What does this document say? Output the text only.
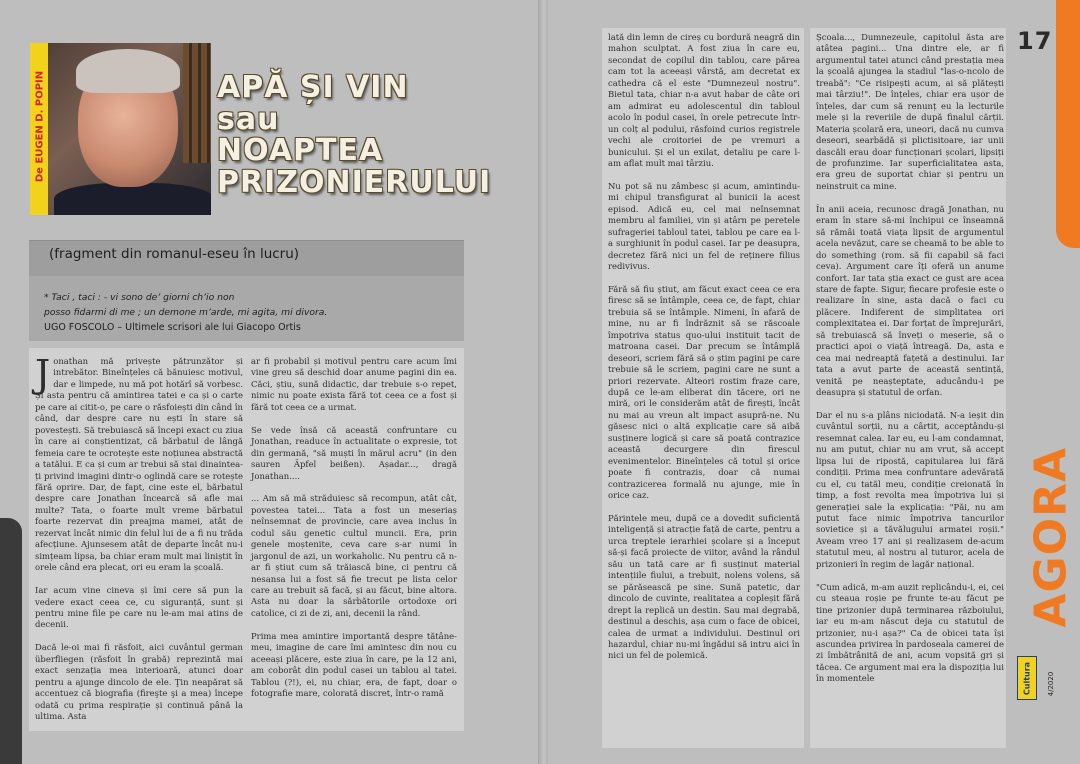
De EUGEN D. POPIN	APĂ ȘI VIN
sau
NOAPTEA
PRIZONIERULUI
(fragment din romanul-eseu în lucru)
* Taci , taci : - vi sono de’ giorni ch’io non
posso fidarmi di me ; un demone m’arde, mi agita, mi divora.
UGO FOSCOLO – Ultimele scrisori ale lui Giacopo Ortis
J onathan mă privește pătrunzător și intrebător. Bineînțeles că bănuiesc motivul, dar e limpede, nu mă pot hotărî să vorbesc. Și asta pentru că amintirea tatei e ca și o carte pe care ai citit-o, pe care o răsfoiești din când în când, dar despre care nu ești în stare să povestești. Să trebuiască să începi exact cu ziua în care ai conștientizat, că bărbatul de lângă femeia care te ocrotește este noțiunea abstractă a tatălui. E ca și cum ar trebui să stai dinaintea-ți privind imagini dintr-o oglindă care se rotește fără oprire. Dar, de fapt, cine este el, bărbatul despre care Jonathan încearcă să afle mai multe? Tata, o foarte mult vreme bărbatul foarte rezervat din preajma mamei, atât de rezervat încât nimic din felul lui de a fi nu trăda afecțiune. Ajunsesem atât de departe încât nu-i simțeam lipsa, ba chiar eram mult mai liniștit în orele când era plecat, ori eu eram la școală.

Iar acum vine cineva și îmi cere să pun la vedere exact ceea ce, cu siguranță, sunt și pentru mine file pe care nu le-am mai atins de decenii.

Dacă le-oi mai fi răsfoit, aici cuvântul german überfliegen (răsfoit în grabă) reprezintă mai exact senzația mea interioară, atunci doar pentru a ajunge dincolo de ele. Ţin neapărat să accentuez că biografia (fireşte şi a mea) începe odată cu prima respirație și continuă până la ultima. Asta

ar fi probabil și motivul pentru care acum îmi vine greu să deschid doar anume pagini din ea. Căci, știu, sună didactic, dar trebuie s-o repet, nimic nu poate exista fără tot ceea ce a fost și fără tot ceea ce a urmat.

Se vede însă că această confruntare cu Jonathan, readuce în actualitate o expresie, tot din germană, "să muști în mărul acru" (in den sauren Äpfel beißen). Așadar..., dragă Jonathan....

... Am să mă străduiesc să recompun, atât cât, povestea tatei... Tata a fost un meseriaș neînsemnat de provincie, care avea inclus în codul său genetic cultul muncii. Era, prin genele moștenite, ceva care s-ar numi în jargonul de azi, un workaholic. Nu pentru că n-ar fi știut cum să trăiască bine, ci pentru că nesansa lui a fost să fie trecut pe lista celor care au trebuit să facă, și au făcut, bine altora. Asta nu doar la sărbătorile ortodoxe ori catolice, ci zi de zi, ani, decenii la rând.

Prima mea amintire importantă despre tătâne-meu, imagine de care îmi amintesc din nou cu aceeași plăcere, este ziua în care, pe la 12 ani, am coborât din podul casei un tablou al tatei. Tablou (?!), ei, nu chiar, era, de fapt, doar o fotografie mare, colorată discret, într-o ramă

lată din lemn de cireș cu bordură neagră din mahon sculptat. A fost ziua în care eu, secondat de copilul din tablou, care părea cam tot la aceeași vârstă, am decretat ex cathedra că el este "Dumnezeul nostru". Bietul tata, chiar n-a avut habar de câte ori am admirat eu adolescentul din tabloul acolo în podul casei, în orele petrecute într-un colț al podului, răsfoind curios registrele vechi ale croitoriei de pe vremuri a bunicului. Și el un exilat, detaliu pe care l-am aflat mult mai târziu.

Nu pot să nu zâmbesc și acum, amintindu-mi chipul transfigurat al bunicii la acest episod. Adică eu, cel mai neînsemnat membru al familiei, vin și atârn pe peretele sufrageriei tabloul tatei, tablou pe care ea l-a surghiunit în podul casei. Iar pe deasupra, decretez fără nici un fel de reținere filius redivivus.

Fără să fiu știut, am făcut exact ceea ce era firesc să se întâmple, ceea ce, de fapt, chiar trebuia să se întâmple. Nimeni, în afară de mine, nu ar fi îndrăznit să se răscoale împotriva status quo-ului instituit tacit de matroana casei. Dar precum se întâmplă deseori, scriem fără să o știm pagini pe care trebuie să le scriem, pagini care ne sunt a priori rezervate. Alteori rostim fraze care, după ce le-am eliberat din tăcere, ori ne miră, ori le considerăm atât de firești, încât nu mai au vreun alt impact asupră-ne. Nu găsesc nici o altă explicație care să aibă susținere logică și care să poată contrazice această decurgere din firescul evenimentelor. Bineînțeles că totul și orice poate fi contrazis, doar că numai contrazicerea formală nu ajunge, mie în orice caz.

Părintele meu, după ce a dovedit suficientă inteligență și atracție față de carte, pentru a urca treptele ierarhiei școlare și a început să-și facă proiecte de viitor, având la rândul său un tată care ar fi susținut material intențiile fiului, a trebuit, nolens volens, să se părăsească pe sine. Sună patetic, dar dincolo de cuvinte, realitatea a copleșit fără drept la replică un destin. Sau mai degrabă, destinul a deschis, așa cum o face de obicei, calea de urmat a individului. Destinul ori hazardul, chiar nu-mi îngădui să intru aici în nici un fel de polemică.

Școala..., Dumnezeule, capitolul ăsta are atâtea pagini... Una dintre ele, ar fi argumentul tatei atunci când prestația mea la școală ajungea la stadiul "las-o-ncolo de treabă": "Ce risipești acum, ai să plătești mai târziu!". De înțeles, chiar era ușor de înțeles, dar cum să renunț eu la lecturile mele și la reveriile de după finalul cărții. Materia școlară era, uneori, dacă nu cumva deseori, searbădă și plictisitoare, iar unii dascăli erau doar funcționari școlari, lipsiți de profunzime. Iar superficialitatea asta, era greu de suportat chiar și pentru un neinstruit ca mine.

În anii aceia, recunosc dragă Jonathan, nu eram în stare să-mi închipui ce înseamnă să rămâi toată viața lipsit de argumentul acela nevăzut, care se cheamă to be able to do something (rom. să fii capabil să faci ceva). Argument care îți oferă un anume confort. Iar tata știa exact ce gust are acea stare de fapte. Sigur, fiecare profesie este o realizare în sine, asta dacă o faci cu plăcere. Indiferent de simplitatea ori complexitatea ei. Dar forțat de împrejurări, să trebuiască să înveți o meserie, să o practici apoi o viață întreagă. Da, asta e cea mai nedreaptă fațetă a destinului. Iar tata a avut parte de această sentință, venită pe neașteptate, aducându-i pe deasupra și statutul de orfan.

Dar el nu s-a plâns niciodată. N-a ieșit din cuvântul sorții, nu a cârtit, acceptându-și resemnat calea. Iar eu, eu l-am condamnat, nu am putut, chiar nu am vrut, să accept lipsa lui de ripostă, capitularea lui fără condiții. Prima mea confruntare adevărată cu el, cu tatăl meu, condiție creionată în timp, a fost revolta mea împotriva lui și generației sale la explicația: "Păi, nu am putut face nimic împotriva tancurilor sovietice și a tăvălugului armatei roșii." Aveam vreo 17 ani și realizasem de-acum statutul meu, al nostru al tuturor, acela de prizonieri în regim de lagăr național.

"Cum adică, m-am auzit replicându-i, ei, cei cu steaua roșie pe frunte te-au făcut pe tine prizonier după terminarea războiului, iar eu m-am născut deja cu statutul de prizonier, nu-i așa?" Ca de obicei tata își ascundea privirea în pardoseala camerei de zi îmbătrânită de ani, acum vopsită gri și tăcea. Ce argument mai era la dispoziția lui în momentele

17
AGORA
Cultura 4/2020
